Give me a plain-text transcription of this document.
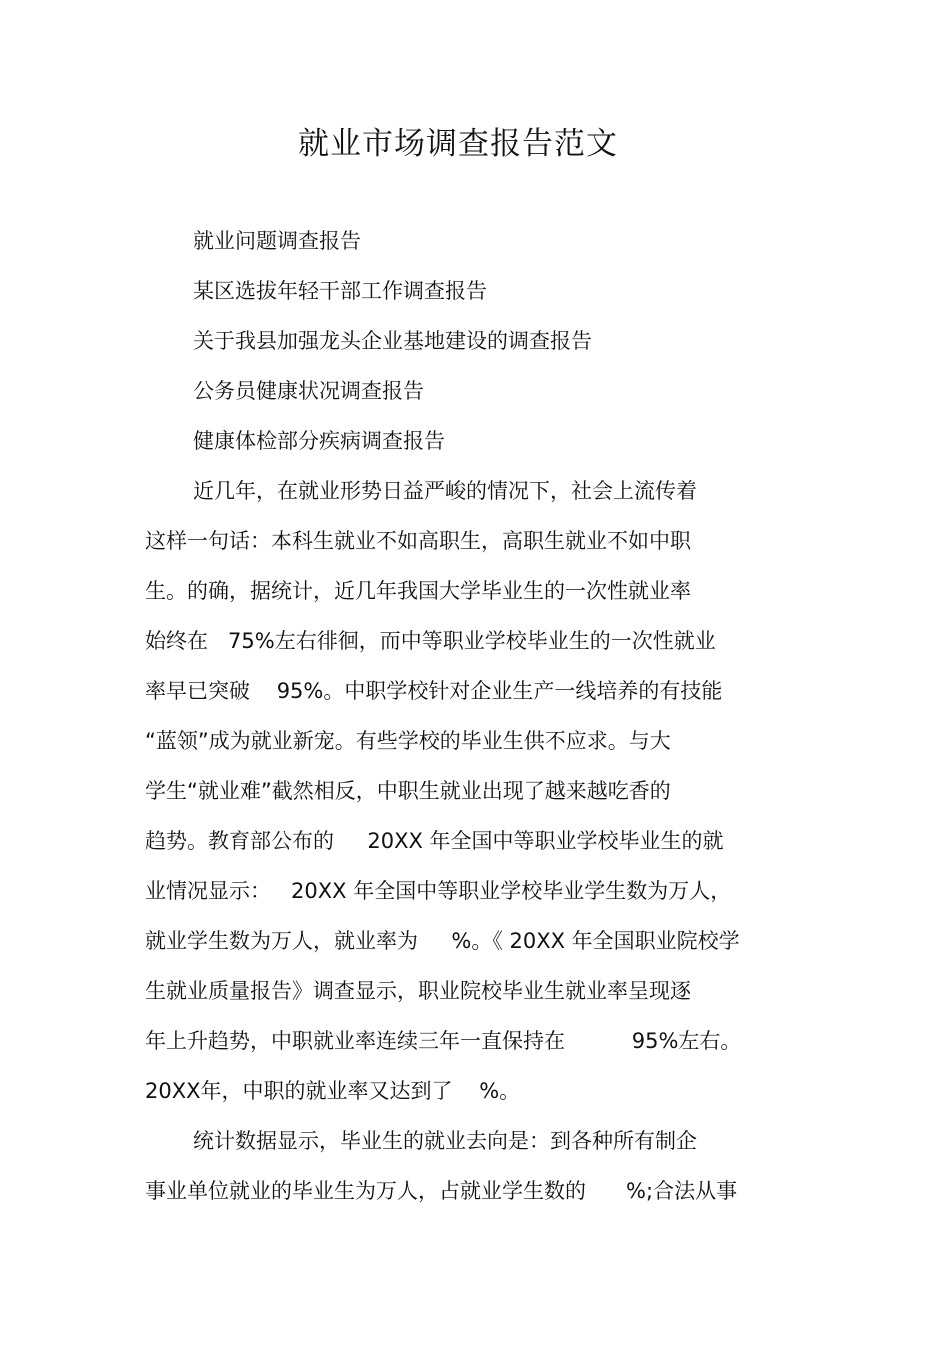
就业市场调查报告范文
就业问题调查报告
某区选拔年轻干部工作调查报告
关于我县加强龙头企业基地建设的调查报告
公务员健康状况调查报告
健康体检部分疾病调查报告
近几年，在就业形势日益严峻的情况下，社会上流传着
这样一句话：本科生就业不如高职生，高职生就业不如中职
生。的确，据统计，近几年我国大学毕业生的一次性就业率
始终在   75%左右徘徊，而中等职业学校毕业生的一次性就业
率早已突破    95%。中职学校针对企业生产一线培养的有技能
“蓝领”成为就业新宠。有些学校的毕业生供不应求。与大
学生“就业难”截然相反，中职生就业出现了越来越吃香的
趋势。教育部公布的     20XX 年全国中等职业学校毕业生的就
业情况显示：   20XX 年全国中等职业学校毕业学生数为万人，
就业学生数为万人，就业率为     %。《 20XX 年全国职业院校学
生就业质量报告》调查显示，职业院校毕业生就业率呈现逐
年上升趋势，中职就业率连续三年一直保持在          95%左右。
20XX年，中职的就业率又达到了    %。
统计数据显示，毕业生的就业去向是：到各种所有制企
事业单位就业的毕业生为万人，占就业学生数的      %;合法从事
